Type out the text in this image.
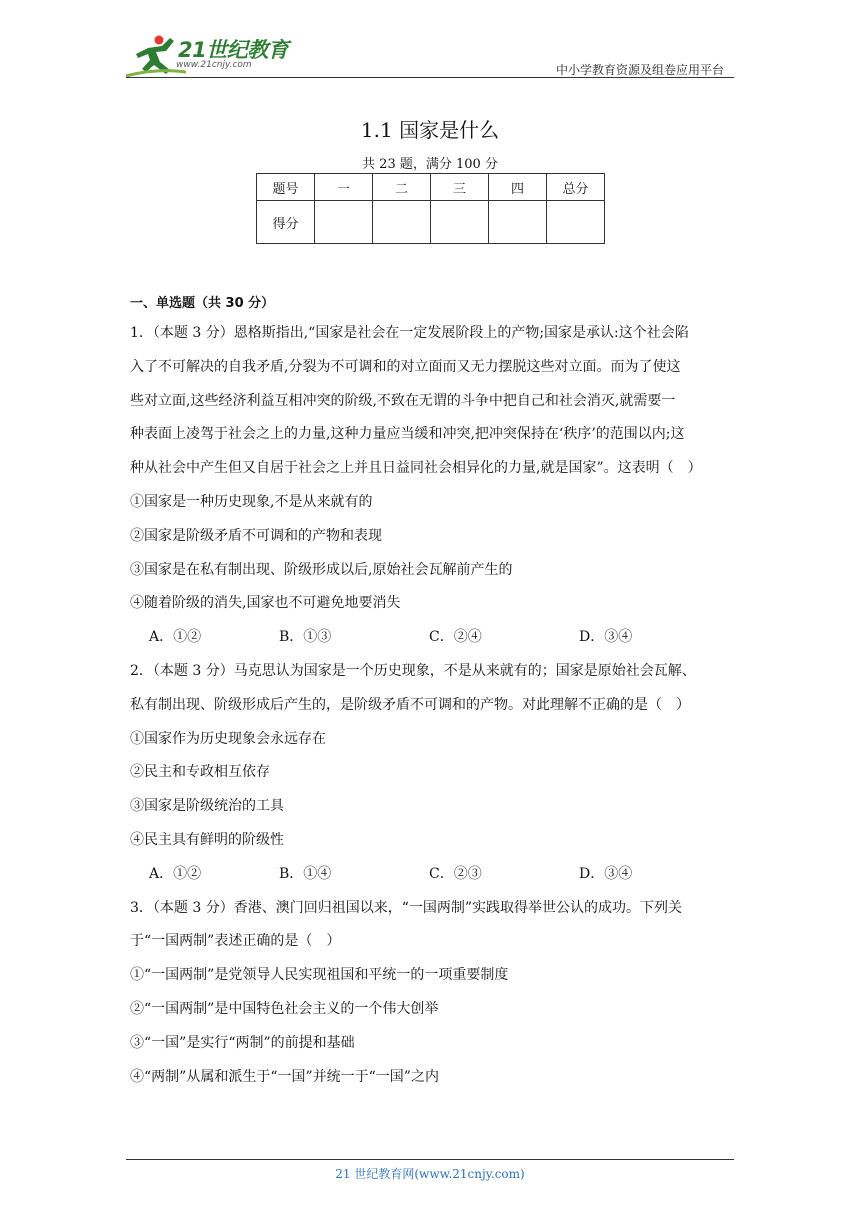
21世纪教育
www.21cnjy.com	中小学教育资源及组卷应用平台
1.1 国家是什么
共 23 题，满分 100 分
题号	一	二	三	四	总分
得分					
一、单选题（共 30 分）
1．（本题 3 分）恩格斯指出,“国家是社会在一定发展阶段上的产物;国家是承认:这个社会陷
入了不可解决的自我矛盾,分裂为不可调和的对立面而又无力摆脱这些对立面。而为了使这
些对立面,这些经济利益互相冲突的阶级,不致在无谓的斗争中把自己和社会消灭,就需要一
种表面上凌驾于社会之上的力量,这种力量应当缓和冲突,把冲突保持在‘秩序’的范围以内;这
种从社会中产生但又自居于社会之上并且日益同社会相异化的力量,就是国家”。这表明（　）
①国家是一种历史现象,不是从来就有的
②国家是阶级矛盾不可调和的产物和表现
③国家是在私有制出现、阶级形成以后,原始社会瓦解前产生的
④随着阶级的消失,国家也不可避免地要消失
A．①②	B．①③	C．②④	D．③④
2．（本题 3 分）马克思认为国家是一个历史现象，不是从来就有的；国家是原始社会瓦解、
私有制出现、阶级形成后产生的，是阶级矛盾不可调和的产物。对此理解不正确的是（　）
①国家作为历史现象会永远存在
②民主和专政相互依存
③国家是阶级统治的工具
④民主具有鲜明的阶级性
A．①②	B．①④	C．②③	D．③④
3．（本题 3 分）香港、澳门回归祖国以来，“一国两制”实践取得举世公认的成功。下列关
于“一国两制”表述正确的是（　）
①“一国两制”是党领导人民实现祖国和平统一的一项重要制度
②“一国两制”是中国特色社会主义的一个伟大创举
③“一国”是实行“两制”的前提和基础
④“两制”从属和派生于“一国”并统一于“一国”之内
21 世纪教育网(www.21cnjy.com)
